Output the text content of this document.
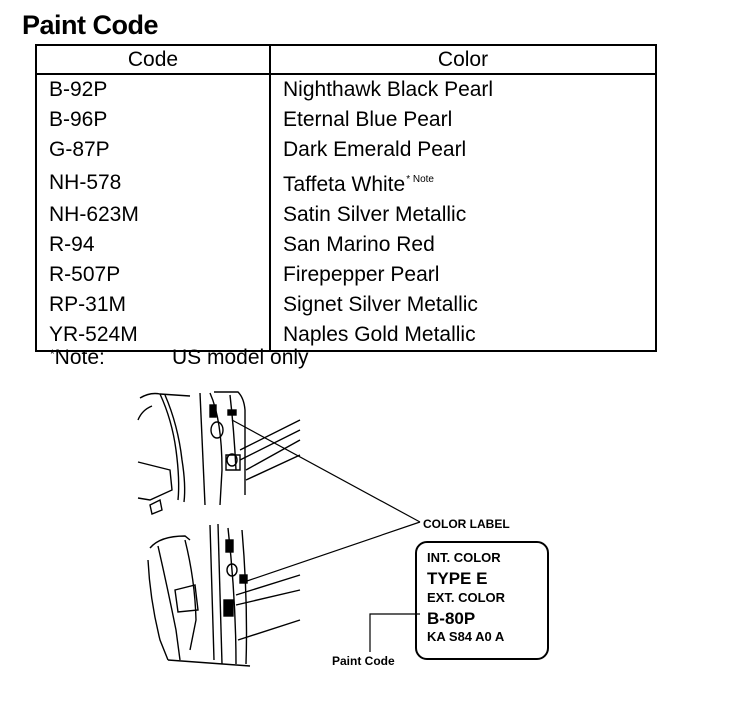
Paint Code
Code	Color
B-92P	Nighthawk Black Pearl
B-96P	Eternal Blue Pearl
G-87P	Dark Emerald Pearl
NH-578	Taffeta White$^{* Note}$
NH-623M	Satin Silver Metallic
R-94	San Marino Red
R-507P	Firepepper Pearl
RP-31M	Signet Silver Metallic
YR-524M	Naples Gold Metallic
*Note:	US model only
COLOR LABEL
INT. COLOR
TYPE E
EXT. COLOR
B-80P
KA S84 A0 A
Paint Code
